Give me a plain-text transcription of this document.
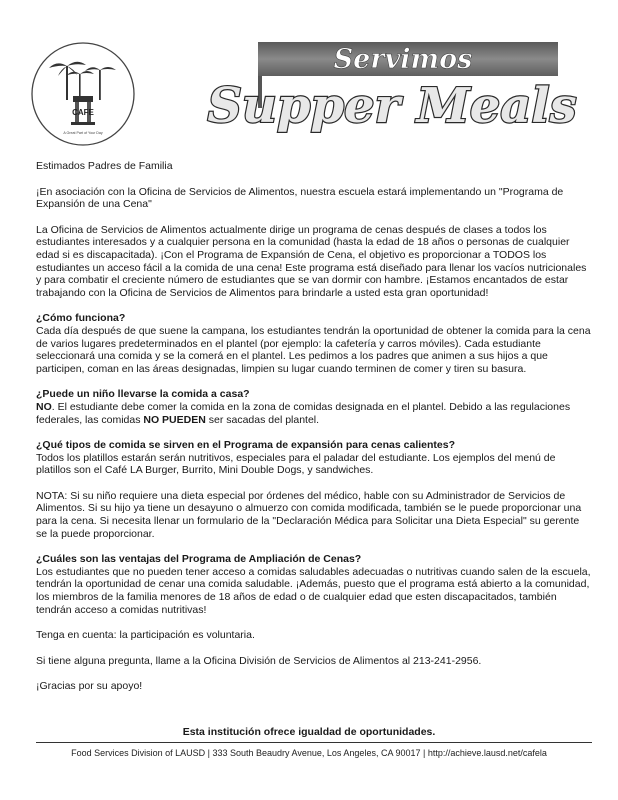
CAFE
A Great Part of Your Day
Servimos
Supper Meals

Estimados Padres de Familia

¡En asociación con la Oficina de Servicios de Alimentos, nuestra escuela estará implementando un "Programa de Expansión de una Cena"

La Oficina de Servicios de Alimentos actualmente dirige un programa de cenas después de clases a todos los estudiantes interesados y a cualquier persona en la comunidad (hasta la edad de 18 años o personas de cualquier edad si es discapacitada). ¡Con el Programa de Expansión de Cena, el objetivo es proporcionar a TODOS los estudiantes un acceso fácil a la comida de una cena! Este programa está diseñado para llenar los vacíos nutricionales y para combatir el creciente número de estudiantes que se van dormir con hambre. ¡Estamos encantados de estar trabajando con la Oficina de Servicios de Alimentos para brindarle a usted esta gran oportunidad!

¿Cómo funciona?
Cada día después de que suene la campana, los estudiantes tendrán la oportunidad de obtener la comida para la cena de varios lugares predeterminados en el plantel (por ejemplo: la cafetería y carros móviles). Cada estudiante seleccionará una comida y se la comerá en el plantel. Les pedimos a los padres que animen a sus hijos a que participen, coman en las áreas designadas, limpien su lugar cuando terminen de comer y tiren su basura.

¿Puede un niño llevarse la comida a casa?
NO. El estudiante debe comer la comida en la zona de comidas designada en el plantel. Debido a las regulaciones federales, las comidas NO PUEDEN ser sacadas del plantel.

¿Qué tipos de comida se sirven en el Programa de expansión para cenas calientes?
Todos los platillos estarán serán nutritivos, especiales para el paladar del estudiante. Los ejemplos del menú de platillos son el Café LA Burger, Burrito, Mini Double Dogs, y sandwiches.

NOTA: Si su niño requiere una dieta especial por órdenes del médico, hable con su Administrador de Servicios de Alimentos. Si su hijo ya tiene un desayuno o almuerzo con comida modificada, también se le puede proporcionar una para la cena. Si necesita llenar un formulario de la "Declaración Médica para Solicitar una Dieta Especial" su gerente se la puede proporcionar.

¿Cuáles son las ventajas del Programa de Ampliación de Cenas?
Los estudiantes que no pueden tener acceso a comidas saludables adecuadas o nutritivas cuando salen de la escuela, tendrán la oportunidad de cenar una comida saludable. ¡Además, puesto que el programa está abierto a la comunidad, los miembros de la familia menores de 18 años de edad o de cualquier edad que esten discapacitados, también tendrán acceso a comidas nutritivas!

Tenga en cuenta: la participación es voluntaria.

Si tiene alguna pregunta, llame a la Oficina División de Servicios de Alimentos al 213-241-2956.

¡Gracias por su apoyo!

Esta institución ofrece igualdad de oportunidades.
Food Services Division of LAUSD | 333 South Beaudry Avenue, Los Angeles, CA 90017 | http://achieve.lausd.net/cafela
